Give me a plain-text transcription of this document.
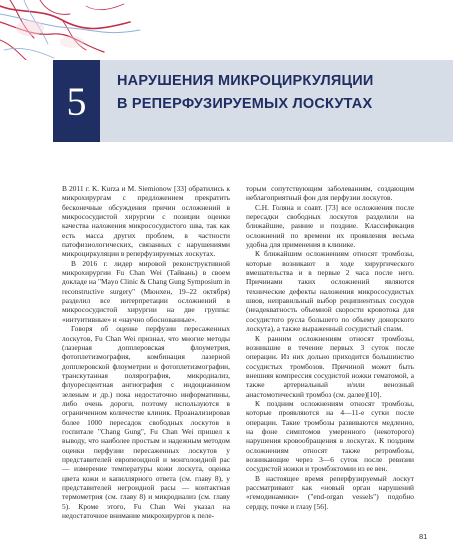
5	НАРУШЕНИЯ МИКРОЦИРКУЛЯЦИИ
В РЕПЕРФУЗИРУЕМЫХ ЛОСКУТАХ

В 2011 г. K. Kurza и M. Siemionow [33] обратились к микрохирургам с предложением прекратить бесконечные обсуждения причин осложнений в микрососудистой хирургии с позиции оценки качества наложения микрососудистого шва, так как есть масса других проблем, в частности патофизиологических, связанных с нарушениями микроциркуляции в реперфузируемых лоскутах.

В 2016 г. лидер мировой реконструктивной микрохирургии Fu Chan Wei (Тайвань) в своем докладе на "Mayo Clinic & Chang Gung Symposium in reconstructive surgery" (Мюнхен, 19–22 октября) разделил все интерпретации осложнений в микрососудистой хирургии на две группы: «интуитивные» и «научно обоснованные».

Говоря об оценке перфузии пересаженных лоскутов, Fu Chan Wei признал, что многие методы (лазерная допплеровская флоуметрия, фотоплетизмография, комбинация лазерной допплеровской флоуметрии и фотоплетизмографии, транскутанная полярография, микродиализ, флуоресцентная ангиография с индоцианином зеленым и др.) пока недостаточно информативны, либо очень дороги, поэтому используются в ограниченном количестве клиник. Проанализировав более 1000 пересадок свободных лоскутов в госпитале "Chang Gung", Fu Chan Wei пришел к выводу, что наиболее простым и надежным методом оценки перфузии пересаженных лоскутов у представителей европеоидной и монголоидной рас — измерение температуры кожи лоскута, оценка цвета кожи и капиллярного ответа (см. главу 8), у представителей негроидной расы — контактная термометрия (см. главу 8) и микродиализ (см. главу 5). Кроме этого, Fu Chan Wei указал на недостаточное внимание микрохирургов к пеле-

торым сопутствующим заболеваниям, создающим неблагоприятный фон для перфузии лоскутов.

С.Н. Голяна и соавт. [73] все осложнения после пересадки свободных лоскутов разделили на ближайшие, ранние и поздние. Классификация осложнений по времени их проявления весьма удобна для применения в клинике.

К ближайшим осложнениям относят тромбозы, которые возникают в ходе хирургического вмешательства и в первые 2 часа после него. Причинами таких осложнений являются технические дефекты наложения микрососудистых швов, неправильный выбор реципиентных сосудов (неадекватность объемной скорости кровотока для сосудистого русла большего по объему донорского лоскута), а также выраженный сосудистый спазм.

К ранним осложнениям относят тромбозы, возникшие в течение первых 3 суток после операции. Из них дольно приходится большинство сосудистых тромбозов. Причиной может быть внешняя компрессия сосудистой ножки гематомой, а также артериальный и/или венозный анастомотический тромбоз (см. далее)[10].

К поздним осложнениям относят тромбозы, которые проявляются на 4—11-е сутки после операции. Такие тромбозы развиваются медленно, на фоне симптомов умеренного (некоторого) нарушения кровообращения в лоскутах. К поздним осложнениям относят также ретромбозы, возникающие через 3—6 суток после ревизии сосудистой ножки и тромбэктомии из ее вен.

В настоящее время реперфузируемый лоскут рассматривают как «новый орган нарушений «гемодинамики» ("end-organ vessels") подобно сердцу, почке и глазу [56].

81
